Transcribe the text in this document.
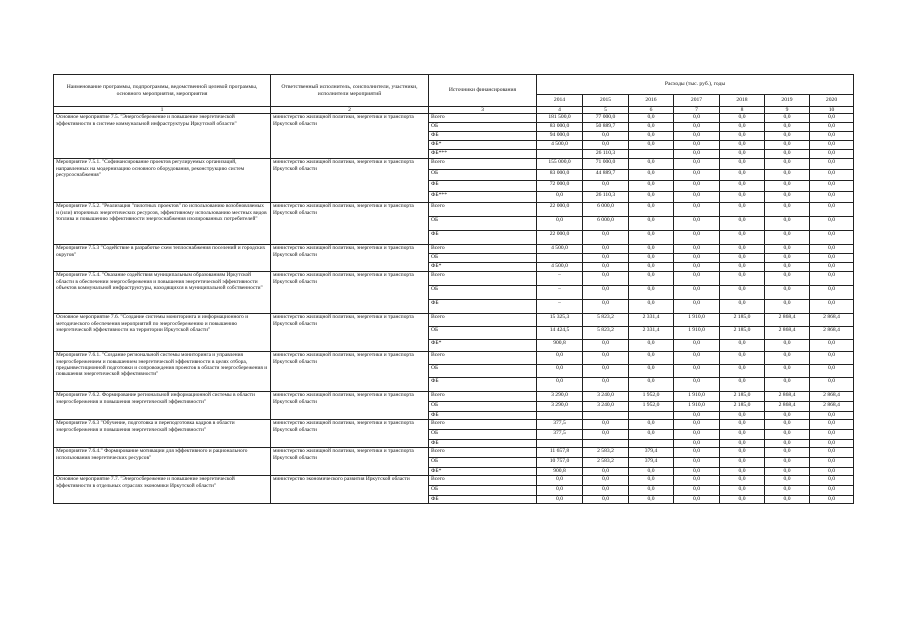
Наименование программы, подпрограммы, ведомственной целевой программы, основного мероприятия, мероприятия	Ответственный исполнитель, соисполнители, участники, исполнители мероприятий	Источники финансирования	Расходы (тыс. руб.), годы						
			2014	2015	2016	2017	2018	2019	2020
1	2	3	4	5	6	7	8	9	10
Основное мероприятие 7.5. "Энергосбережение и повышение энергетической эффективности в системе коммунальной инфраструктуры Иркутской области"	министерство жилищной политики, энергетики и транспорта Иркутской области	Всего	181 500,0	77 000,0	0,0	0,0	0,0	0,0	0,0
		ОБ	83 000,0	50 889,7	0,0	0,0	0,0	0,0	0,0
		ФБ	94 000,0	0,0	0,0	0,0	0,0	0,0	0,0
		ФБ*	4 500,0	0,0	0,0	0,0	0,0	0,0	0,0
		ФБ***		26 110,3		0,0	0,0	0,0	0,0
Мероприятие 7.5.1. "Софинансирование проектов регулируемых организаций, направленных на модернизацию основного оборудования, реконструкцию систем ресурсоснабжения"	министерство жилищной политики, энергетики и транспорта Иркутской области	Всего	155 000,0	71 000,0	0,0	0,0	0,0	0,0	0,0
		ОБ	83 000,0	44 889,7	0,0	0,0	0,0	0,0	0,0
		ФБ	72 000,0	0,0	0,0	0,0	0,0	0,0	0,0
		ФБ***	0,0	26 110,3	0,0	0,0	0,0	0,0	0,0
Мероприятие 7.5.2. "Реализация "пилотных проектов" по использованию возобновляемых и (или) вторичных энергетических ресурсов, эффективному использованию местных видов топлива и повышению эффективности энергоснабжения изолированных потребителей"	министерство жилищной политики, энергетики и транспорта Иркутской области	Всего	22 000,0	6 000,0	0,0	0,0	0,0	0,0	0,0
		ОБ	0,0	6 000,0	0,0	0,0	0,0	0,0	0,0
		ФБ	22 000,0	0,0	0,0	0,0	0,0	0,0	0,0
Мероприятие 7.5.3 "Содействие в разработке схем теплоснабжения поселений и городских округов"	министерство жилищной политики, энергетики и транспорта Иркутской области	Всего	4 500,0	0,0	0,0	0,0	0,0	0,0	0,0
		ОБ		0,0	0,0	0,0	0,0	0,0	0,0
		ФБ*	4 500,0	0,0	0,0	0,0	0,0	0,0	0,0
Мероприятие 7.5.4. "Оказание содействия муниципальным образованиям Иркутской области в обеспечении энергосбережения и повышения энергетической эффективности объектов коммунальной инфраструктуры, находящихся в муниципальной собственности"	министерство жилищной политики, энергетики и транспорта Иркутской области	Всего	–	0,0	0,0	0,0	0,0	0,0	0,0
		ОБ	–	0,0	0,0	0,0	0,0	0,0	0,0
		ФБ	–	0,0	0,0	0,0	0,0	0,0	0,0
Основное мероприятие 7.6. "Создание системы мониторинга и информационного и методического обеспечения мероприятий по энергосбережению и повышению энергетической эффективности на территории Иркутской области"	министерство жилищной политики, энергетики и транспорта Иркутской области	Всего	15 325,3	5 823,2	2 331,4	1 910,0	2 185,0	2 868,4	2 868,4
		ОБ	14 424,5	5 823,2	2 331,4	1 910,0	2 185,0	2 868,4	2 868,4
		ФБ*	900,8	0,0	0,0	0,0	0,0	0,0	0,0
Мероприятие 7.6.1. "Создание региональной системы мониторинга и управления энергосбережением и повышением энергетической эффективности в целях отбора, предынвестиционной подготовки и сопровождения проектов в области энергосбережения и повышения энергетической эффективности"	министерство жилищной политики, энергетики и транспорта Иркутской области	Всего	0,0	0,0	0,0	0,0	0,0	0,0	0,0
		ОБ	0,0	0,0	0,0	0,0	0,0	0,0	0,0
		ФБ	0,0	0,0	0,0	0,0	0,0	0,0	0,0
Мероприятие 7.6.2. Формирование региональной информационной системы в области энергосбережения и повышения энергетической эффективности"	министерство жилищной политики, энергетики и транспорта Иркутской области	Всего	3 290,0	3 240,0	1 952,0	1 910,0	2 185,0	2 868,4	2 868,4
		ОБ	3 290,0	3 240,0	1 952,0	1 910,0	2 185,0	2 868,4	2 868,4
		ФБ				0,0	0,0	0,0	0,0
Мероприятие 7.6.3 "Обучение, подготовка и переподготовка кадров в области энергосбережения и повышения энергетической эффективности"	министерство жилищной политики, энергетики и транспорта Иркутской области	Всего	377,5	0,0	0,0	0,0	0,0	0,0	0,0
		ОБ	377,5	0,0	0,0	0,0	0,0	0,0	0,0
		ФБ				0,0	0,0	0,0	0,0
Мероприятие 7.6.4." Формирование мотивации для эффективного и рационального использования энергетических ресурсов"	министерство жилищной политики, энергетики и транспорта Иркутской области	Всего	11 657,8	2 583,2	379,4	0,0	0,0	0,0	0,0
		ОБ	10 757,0	2 583,2	379,4	0,0	0,0	0,0	0,0
		ФБ*	900,8	0,0	0,0	0,0	0,0	0,0	0,0
Основное мероприятие 7.7. "Энергосбережение и повышение энергетической эффективности в отдельных отраслях экономики Иркутской области"	министерство экономического развития Иркутской области	Всего	0,0	0,0	0,0	0,0	0,0	0,0	0,0
		ОБ	0,0	0,0	0,0	0,0	0,0	0,0	0,0
		ФБ	0,0	0,0	0,0	0,0	0,0	0,0	0,0
